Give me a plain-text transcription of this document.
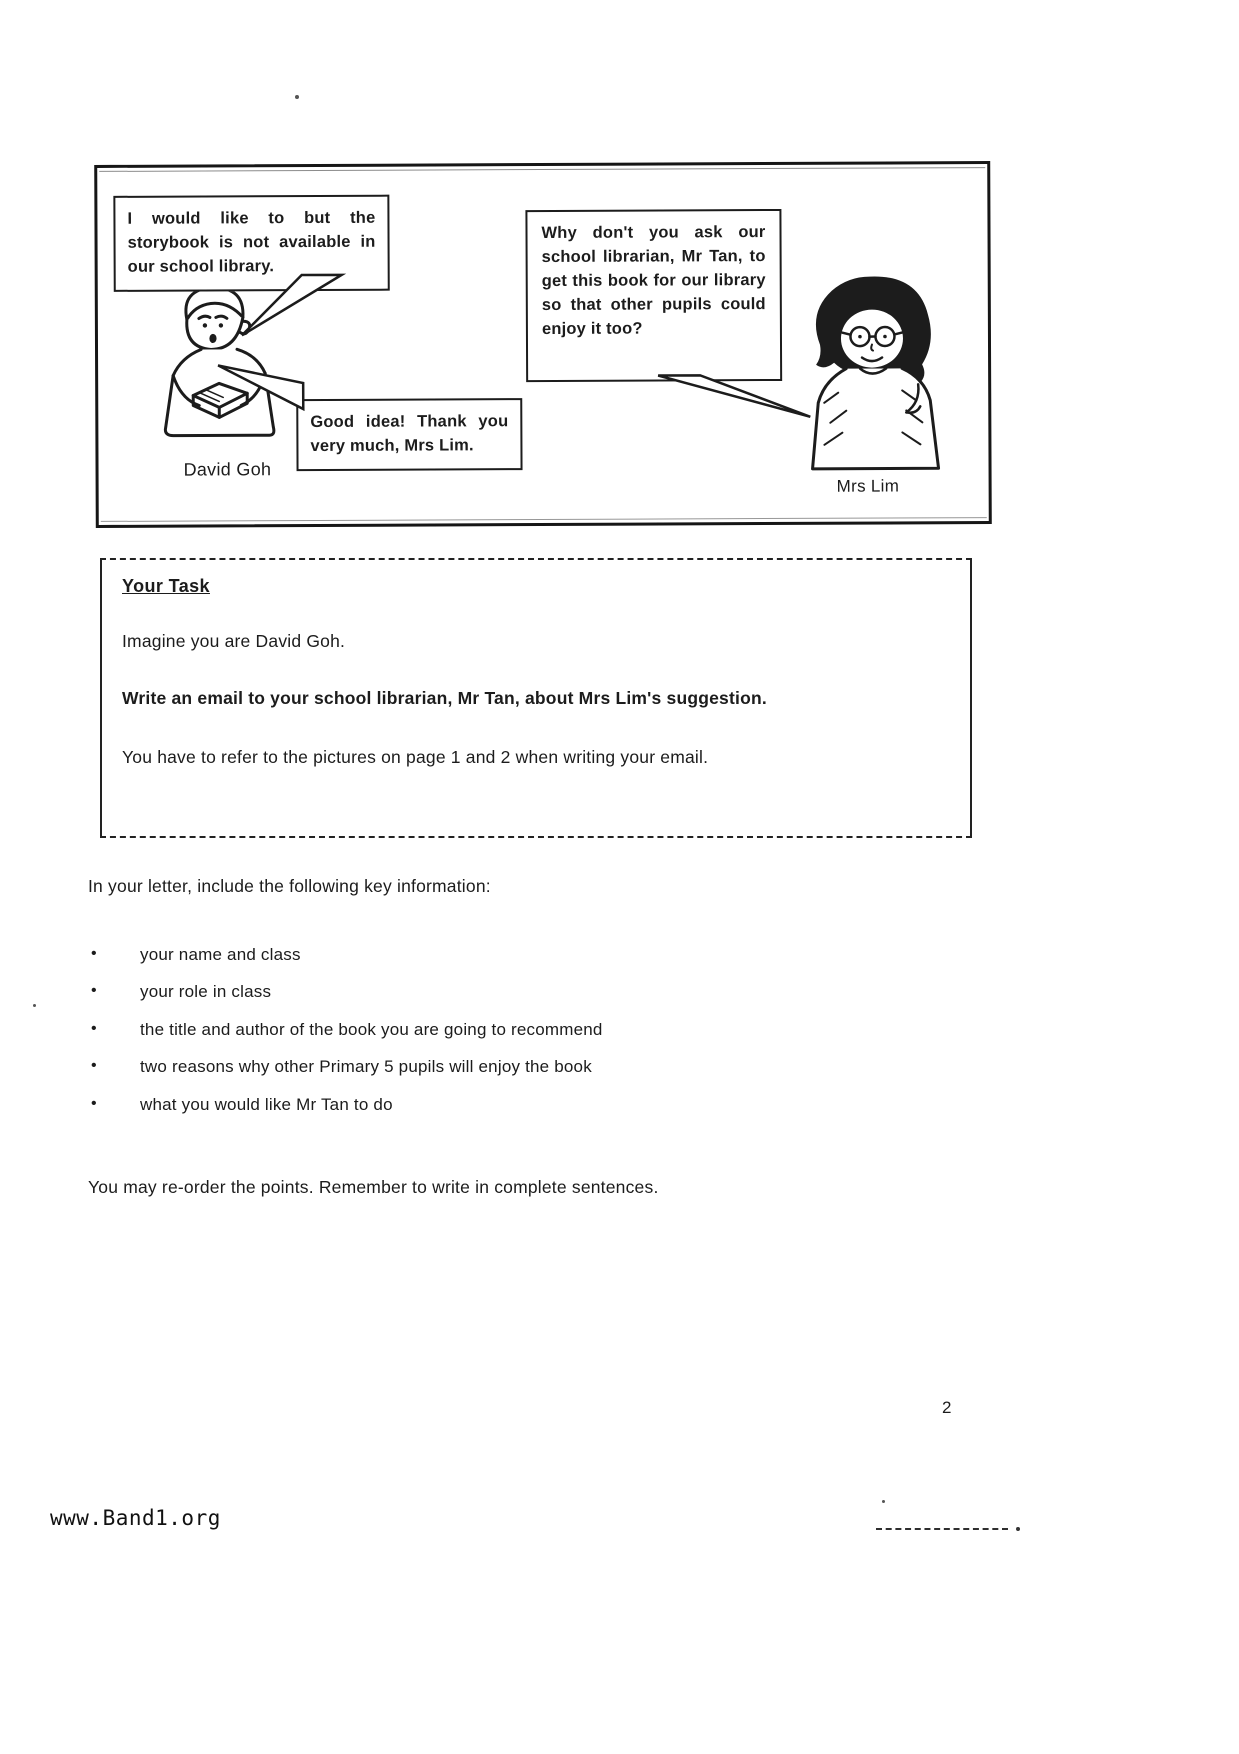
I would like to but the storybook is not available in our school library.
Why don't you ask our school librarian, Mr Tan, to get this book for our library so that other pupils could enjoy it too?
Good idea! Thank you very much, Mrs Lim.
David Goh
Mrs Lim
Your Task

Imagine you are David Goh.

Write an email to your school librarian, Mr Tan, about Mrs Lim's suggestion.

You have to refer to the pictures on page 1 and 2 when writing your email.

In your letter, include the following key information:

• your name and class
• your role in class
• the title and author of the book you are going to recommend
• two reasons why other Primary 5 pupils will enjoy the book
• what you would like Mr Tan to do

You may re-order the points. Remember to write in complete sentences.

2
www.Band1.org
